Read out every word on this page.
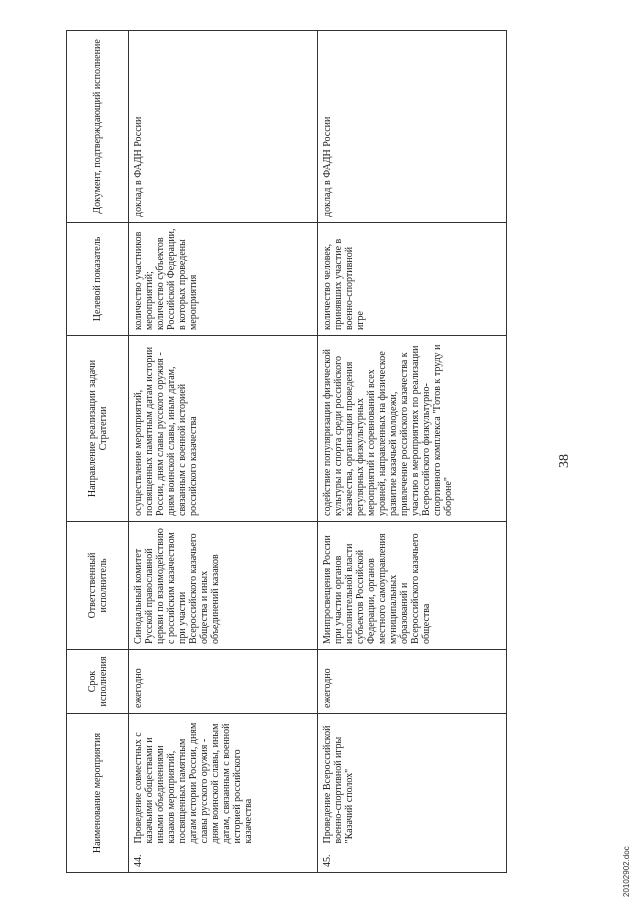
38
Наименование мероприятия		Срок исполнения	Ответственный исполнитель	Направление реализации задачи Стратегии	Целевой показатель	Документ, подтверждающий исполнение
44.	Проведение совместных с казачьими обществами и иными объединениями казаков мероприятий, посвященных памятным датам истории России, дням славы русского оружия - дням воинской славы, иным датам, связанным с военной историей российского казачества	ежегодно	Синодальный комитет Русской православной церкви по взаимодействию с российским казачеством при участии Всероссийского казачьего общества и иных объединений казаков	осуществление мероприятий, посвященных памятным датам истории России, дням славы русского оружия - дням воинской славы, иным датам, связанным с военной историей российского казачества	количество участников мероприятий;
количество субъектов Российской Федерации, в которых проведены мероприятия	доклад в ФАДН России
45.	Проведение Всероссийской военно-спортивной игры "Казачий сполох"	ежегодно	Минпросвещения России при участии органов исполнительной власти субъектов Российской Федерации, органов местного самоуправления муниципальных образований и Всероссийского казачьего общества	содействие популяризации физической культуры и спорта среди российского казачества, организация проведения регулярных физкультурных мероприятий и соревнований всех уровней, направленных на физическое развитие казачьей молодежи, привлечение российского казачества к участию в мероприятиях по реализации Всероссийского физкультурно-спортивного комплекса "Готов к труду и обороне"	количество человек, принявших участие в военно-спортивной игре	доклад в ФАДН России
20102902.doc
